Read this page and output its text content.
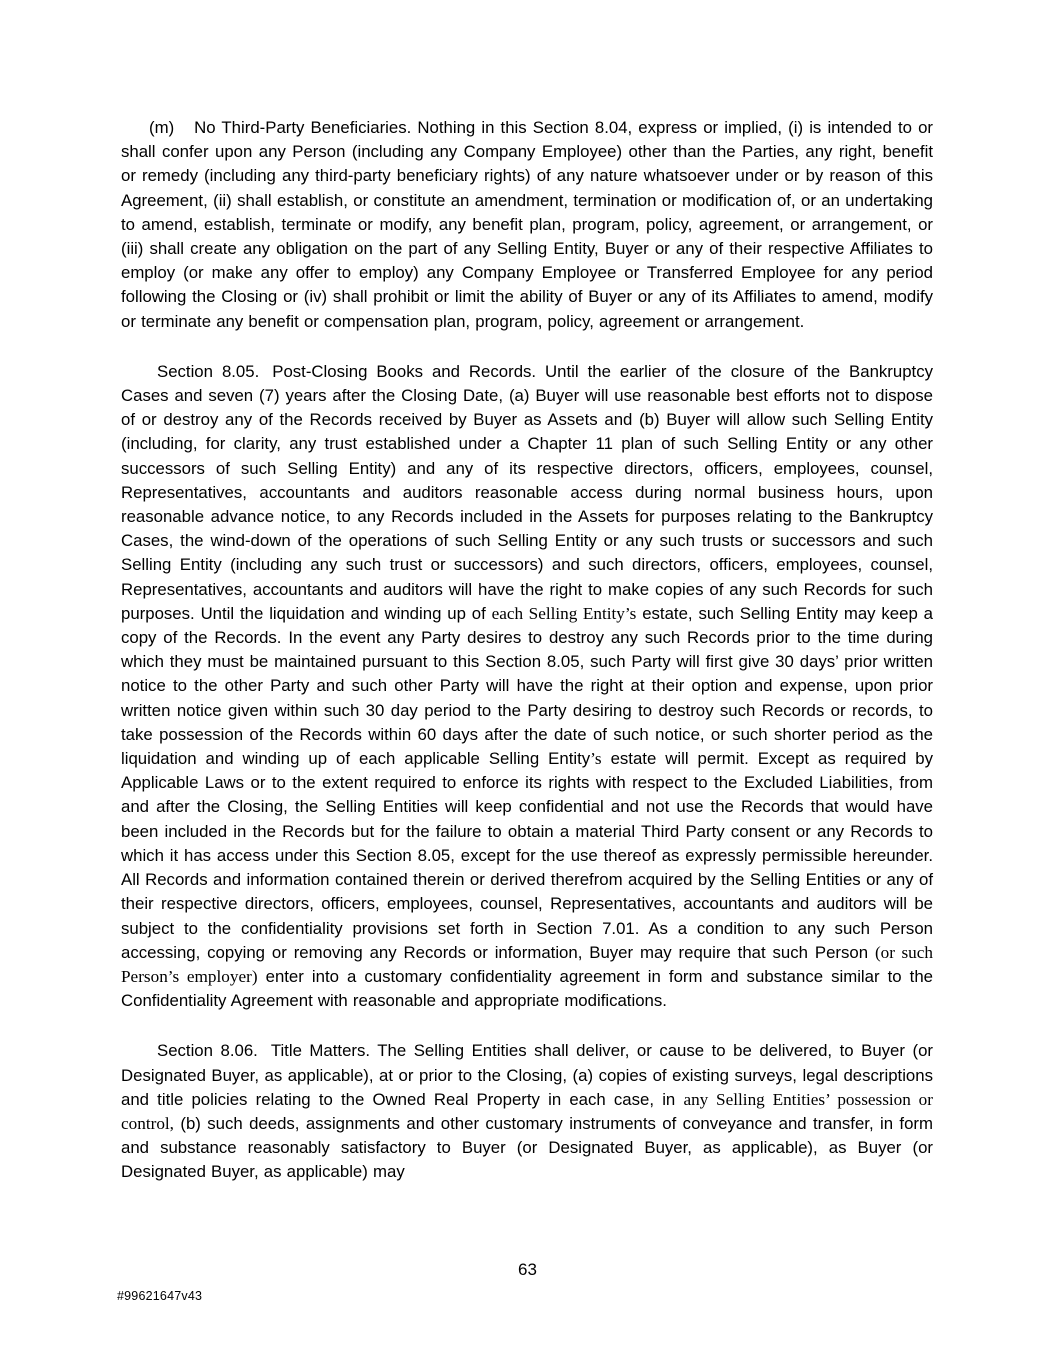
(m) No Third-Party Beneficiaries. Nothing in this Section 8.04, express or implied, (i) is intended to or shall confer upon any Person (including any Company Employee) other than the Parties, any right, benefit or remedy (including any third-party beneficiary rights) of any nature whatsoever under or by reason of this Agreement, (ii) shall establish, or constitute an amendment, termination or modification of, or an undertaking to amend, establish, terminate or modify, any benefit plan, program, policy, agreement, or arrangement, or (iii) shall create any obligation on the part of any Selling Entity, Buyer or any of their respective Affiliates to employ (or make any offer to employ) any Company Employee or Transferred Employee for any period following the Closing or (iv) shall prohibit or limit the ability of Buyer or any of its Affiliates to amend, modify or terminate any benefit or compensation plan, program, policy, agreement or arrangement.

Section 8.05. Post-Closing Books and Records. Until the earlier of the closure of the Bankruptcy Cases and seven (7) years after the Closing Date, (a) Buyer will use reasonable best efforts not to dispose of or destroy any of the Records received by Buyer as Assets and (b) Buyer will allow such Selling Entity (including, for clarity, any trust established under a Chapter 11 plan of such Selling Entity or any other successors of such Selling Entity) and any of its respective directors, officers, employees, counsel, Representatives, accountants and auditors reasonable access during normal business hours, upon reasonable advance notice, to any Records included in the Assets for purposes relating to the Bankruptcy Cases, the wind-down of the operations of such Selling Entity or any such trusts or successors and such Selling Entity (including any such trust or successors) and such directors, officers, employees, counsel, Representatives, accountants and auditors will have the right to make copies of any such Records for such purposes. Until the liquidation and winding up of each Selling Entity’s estate, such Selling Entity may keep a copy of the Records. In the event any Party desires to destroy any such Records prior to the time during which they must be maintained pursuant to this Section 8.05, such Party will first give 30 days’ prior written notice to the other Party and such other Party will have the right at their option and expense, upon prior written notice given within such 30 day period to the Party desiring to destroy such Records or records, to take possession of the Records within 60 days after the date of such notice, or such shorter period as the liquidation and winding up of each applicable Selling Entity’s estate will permit. Except as required by Applicable Laws or to the extent required to enforce its rights with respect to the Excluded Liabilities, from and after the Closing, the Selling Entities will keep confidential and not use the Records that would have been included in the Records but for the failure to obtain a material Third Party consent or any Records to which it has access under this Section 8.05, except for the use thereof as expressly permissible hereunder. All Records and information contained therein or derived therefrom acquired by the Selling Entities or any of their respective directors, officers, employees, counsel, Representatives, accountants and auditors will be subject to the confidentiality provisions set forth in Section 7.01. As a condition to any such Person accessing, copying or removing any Records or information, Buyer may require that such Person (or such Person’s employer) enter into a customary confidentiality agreement in form and substance similar to the Confidentiality Agreement with reasonable and appropriate modifications.

Section 8.06. Title Matters. The Selling Entities shall deliver, or cause to be delivered, to Buyer (or Designated Buyer, as applicable), at or prior to the Closing, (a) copies of existing surveys, legal descriptions and title policies relating to the Owned Real Property in each case, in any Selling Entities’ possession or control, (b) such deeds, assignments and other customary instruments of conveyance and transfer, in form and substance reasonably satisfactory to Buyer (or Designated Buyer, as applicable), as Buyer (or Designated Buyer, as applicable) may

63
#99621647v43
